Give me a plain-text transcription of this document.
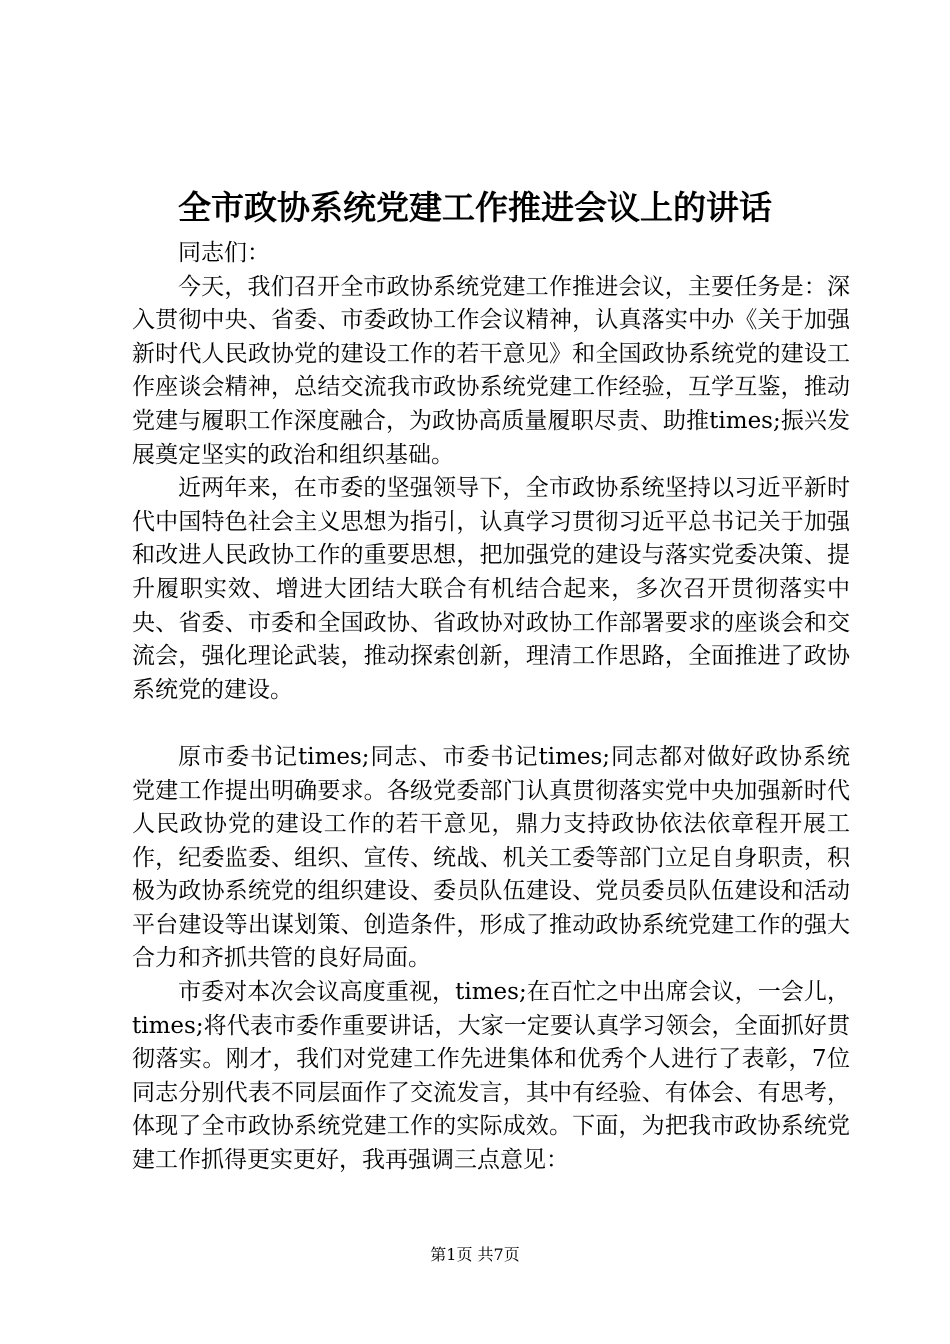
全市政协系统党建工作推进会议上的讲话

同志们：

今天，我们召开全市政协系统党建工作推进会议，主要任务是：深入贯彻中央、省委、市委政协工作会议精神，认真落实中办《关于加强新时代人民政协党的建设工作的若干意见》和全国政协系统党的建设工作座谈会精神，总结交流我市政协系统党建工作经验，互学互鉴，推动党建与履职工作深度融合，为政协高质量履职尽责、助推times;振兴发展奠定坚实的政治和组织基础。

近两年来，在市委的坚强领导下，全市政协系统坚持以习近平新时代中国特色社会主义思想为指引，认真学习贯彻习近平总书记关于加强和改进人民政协工作的重要思想，把加强党的建设与落实党委决策、提升履职实效、增进大团结大联合有机结合起来，多次召开贯彻落实中央、省委、市委和全国政协、省政协对政协工作部署要求的座谈会和交流会，强化理论武装，推动探索创新，理清工作思路，全面推进了政协系统党的建设。

原市委书记times;同志、市委书记times;同志都对做好政协系统党建工作提出明确要求。各级党委部门认真贯彻落实党中央加强新时代人民政协党的建设工作的若干意见，鼎力支持政协依法依章程开展工作，纪委监委、组织、宣传、统战、机关工委等部门立足自身职责，积极为政协系统党的组织建设、委员队伍建设、党员委员队伍建设和活动平台建设等出谋划策、创造条件，形成了推动政协系统党建工作的强大合力和齐抓共管的良好局面。

市委对本次会议高度重视，times;在百忙之中出席会议，一会儿，times;将代表市委作重要讲话，大家一定要认真学习领会，全面抓好贯彻落实。刚才，我们对党建工作先进集体和优秀个人进行了表彰，7位同志分别代表不同层面作了交流发言，其中有经验、有体会、有思考，体现了全市政协系统党建工作的实际成效。下面，为把我市政协系统党建工作抓得更实更好，我再强调三点意见：

第1页 共7页
